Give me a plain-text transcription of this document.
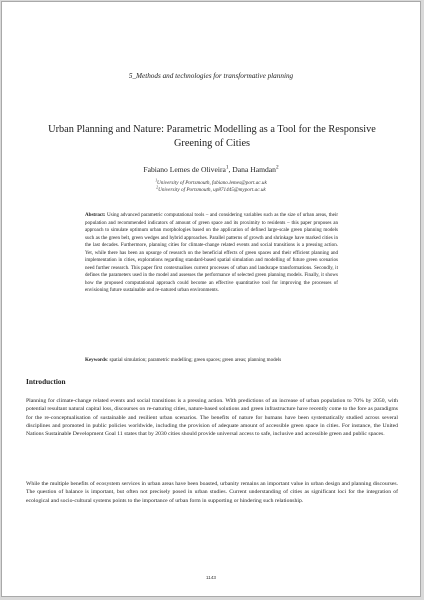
5_Methods and technologies for transformative planning
Urban Planning and Nature: Parametric Modelling as a Tool for the Responsive Greening of Cities
Fabiano Lemes de Oliveira$^1$, Dana Hamdan$^2$
$^1$University of Portsmouth, fabiano.lemes@port.ac.uk
$^2$University of Portsmouth, up871445@myport.ac.uk
Abstract: Using advanced parametric computational tools – and considering variables such as the size of urban areas, their population and recommended indicators of amount of green space and its proximity to residents – this paper proposes an approach to simulate optimum urban morphologies based on the application of defined large-scale green planning models such as the green belt, green wedges and hybrid approaches. Parallel patterns of growth and shrinkage have marked cities in the last decades. Furthermore, planning cities for climate-change related events and social transitions is a pressing action. Yet, while there has been an upsurge of research on the beneficial effects of green spaces and their efficient planning and implementation in cities, explorations regarding standard-based spatial simulation and modelling of future green scenarios need further research. This paper first contextualises current processes of urban and landscape transformations. Secondly, it defines the parameters used in the model and assesses the performance of selected green planning models. Finally, it shows how the proposed computational approach could become an effective quantitative tool for improving the processes of envisioning future sustainable and re-natured urban environments.
Keywords: spatial simulation; parametric modelling; green spaces; green areas; planning models
Introduction
Planning for climate-change related events and social transitions is a pressing action. With predictions of an increase of urban population to 70% by 2050, with potential resultant natural capital loss, discourses on re-naturing cities, nature-based solutions and green infrastructure have recently come to the fore as paradigms for the re-conceptualisation of sustainable and resilient urban scenarios. The benefits of nature for humans have been systematically studied across several disciplines and promoted in public policies worldwide, including the provision of adequate amount of accessible green space in cities. For instance, the United Nations Sustainable Development Goal 11 states that by 2030 cities should provide universal access to safe, inclusive and accessible green and public spaces.
While the multiple benefits of ecosystem services in urban areas have been boasted, urbanity remains an important value in urban design and planning discourses. The question of balance is important, but often not precisely posed in urban studies. Current understanding of cities as significant loci for the integration of ecological and socio-cultural systems points to the importance of urban form in supporting or hindering such relationship.
1143
